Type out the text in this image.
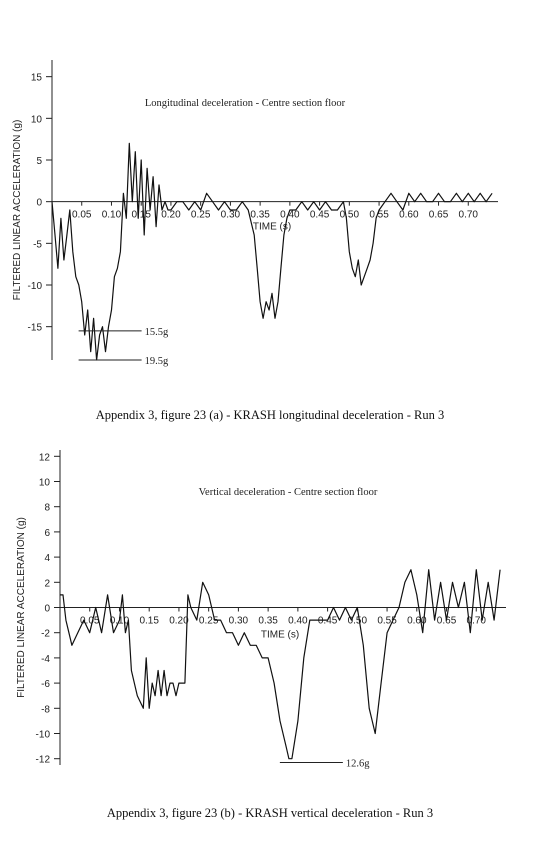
15
10
5
0
-5
-10
-15
0.05 0.10 0.15 0.20 0.25 0.30 0.35 0.40 0.45 0.50 0.55 0.60 0.65 0.70
TIME (s)
FILTERED LINEAR ACCELERATION (g)
Longitudinal deceleration - Centre section floor
15.5g
19.5g
12
10
8
6
4
2
0
-2
-4
-6
-8
-10
-12
0.05 0.10 0.15 0.20 0.25 0.30 0.35 0.40 0.45 0.50 0.55 0.60 0.65 0.70
TIME (s)
FILTERED LINEAR ACCELERATION (g)
Vertical deceleration - Centre section floor
12.6g
Appendix 3, figure 23 (a) - KRASH longitudinal deceleration - Run 3
Appendix 3, figure 23 (b) - KRASH vertical deceleration - Run 3
